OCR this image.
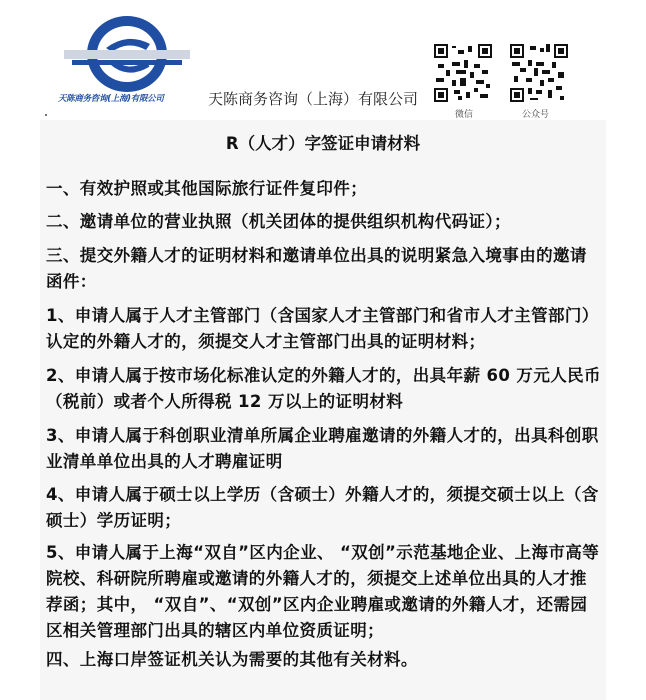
天陈商务咨询(上海)有限公司	天陈商务咨询（上海）有限公司
微信	公众号
R（人才）字签证申请材料
一、有效护照或其他国际旅行证件复印件；
二、邀请单位的营业执照（机关团体的提供组织机构代码证）；
三、提交外籍人才的证明材料和邀请单位出具的说明紧急入境事由的邀请函件：
1、申请人属于人才主管部门（含国家人才主管部门和省市人才主管部门）认定的外籍人才的，须提交人才主管部门出具的证明材料；
2、申请人属于按市场化标准认定的外籍人才的，出具年薪 60 万元人民币（税前）或者个人所得税 12 万以上的证明材料
3、申请人属于科创职业清单所属企业聘雇邀请的外籍人才的，出具科创职业清单单位出具的人才聘雇证明
4、申请人属于硕士以上学历（含硕士）外籍人才的，须提交硕士以上（含硕士）学历证明；
5、申请人属于上海“双自”区内企业、 “双创”示范基地企业、上海市高等院校、科研院所聘雇或邀请的外籍人才的，须提交上述单位出具的人才推荐函；其中， “双自”、“双创”区内企业聘雇或邀请的外籍人才，还需园区相关管理部门出具的辖区内单位资质证明；
四、上海口岸签证机关认为需要的其他有关材料。
